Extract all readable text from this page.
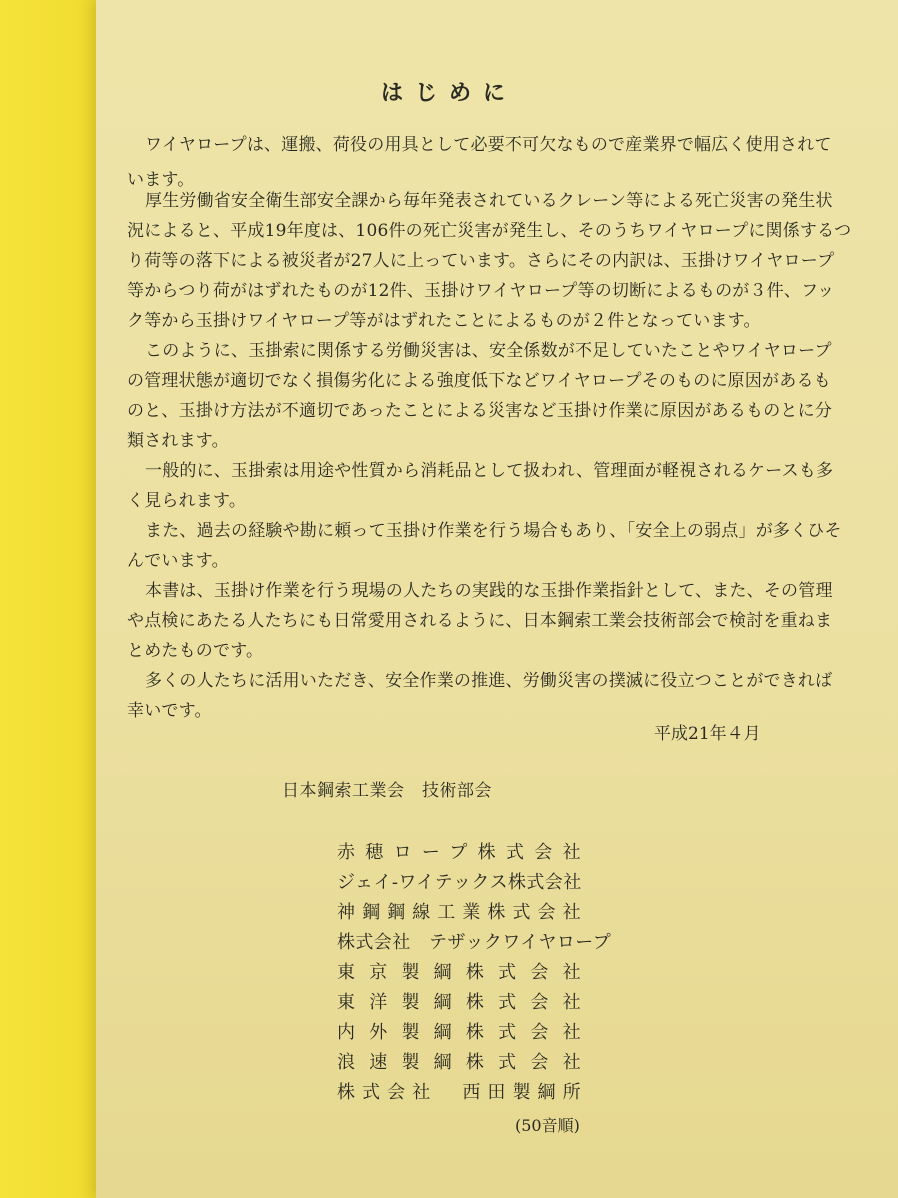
はじめに
ワイヤロープは、運搬、荷役の用具として必要不可欠なもので産業界で幅広く使用されて
います。
厚生労働省安全衛生部安全課から毎年発表されているクレーン等による死亡災害の発生状
況によると、平成19年度は、106件の死亡災害が発生し、そのうちワイヤロープに関係するつ
り荷等の落下による被災者が27人に上っています。さらにその内訳は、玉掛けワイヤロープ
等からつり荷がはずれたものが12件、玉掛けワイヤロープ等の切断によるものが３件、フッ
ク等から玉掛けワイヤロープ等がはずれたことによるものが２件となっています。
このように、玉掛索に関係する労働災害は、安全係数が不足していたことやワイヤロープ
の管理状態が適切でなく損傷劣化による強度低下などワイヤロープそのものに原因があるも
のと、玉掛け方法が不適切であったことによる災害など玉掛け作業に原因があるものとに分
類されます。
一般的に、玉掛索は用途や性質から消耗品として扱われ、管理面が軽視されるケースも多
く見られます。
また、過去の経験や勘に頼って玉掛け作業を行う場合もあり、「安全上の弱点」が多くひそ
んでいます。
本書は、玉掛け作業を行う現場の人たちの実践的な玉掛作業指針として、また、その管理
や点検にあたる人たちにも日常愛用されるように、日本鋼索工業会技術部会で検討を重ねま
とめたものです。
多くの人たちに活用いただき、安全作業の推進、労働災害の撲滅に役立つことができれば
幸いです。
平成21年４月
日本鋼索工業会　技術部会
赤穂ロープ株式会社
ジェイ-ワイテックス株式会社
神鋼鋼線工業株式会社
株式会社　テザックワイヤロープ
東京製綱株式会社
東洋製綱株式会社
内外製綱株式会社
浪速製綱株式会社
株式会社　西田製綱所
(50音順)
